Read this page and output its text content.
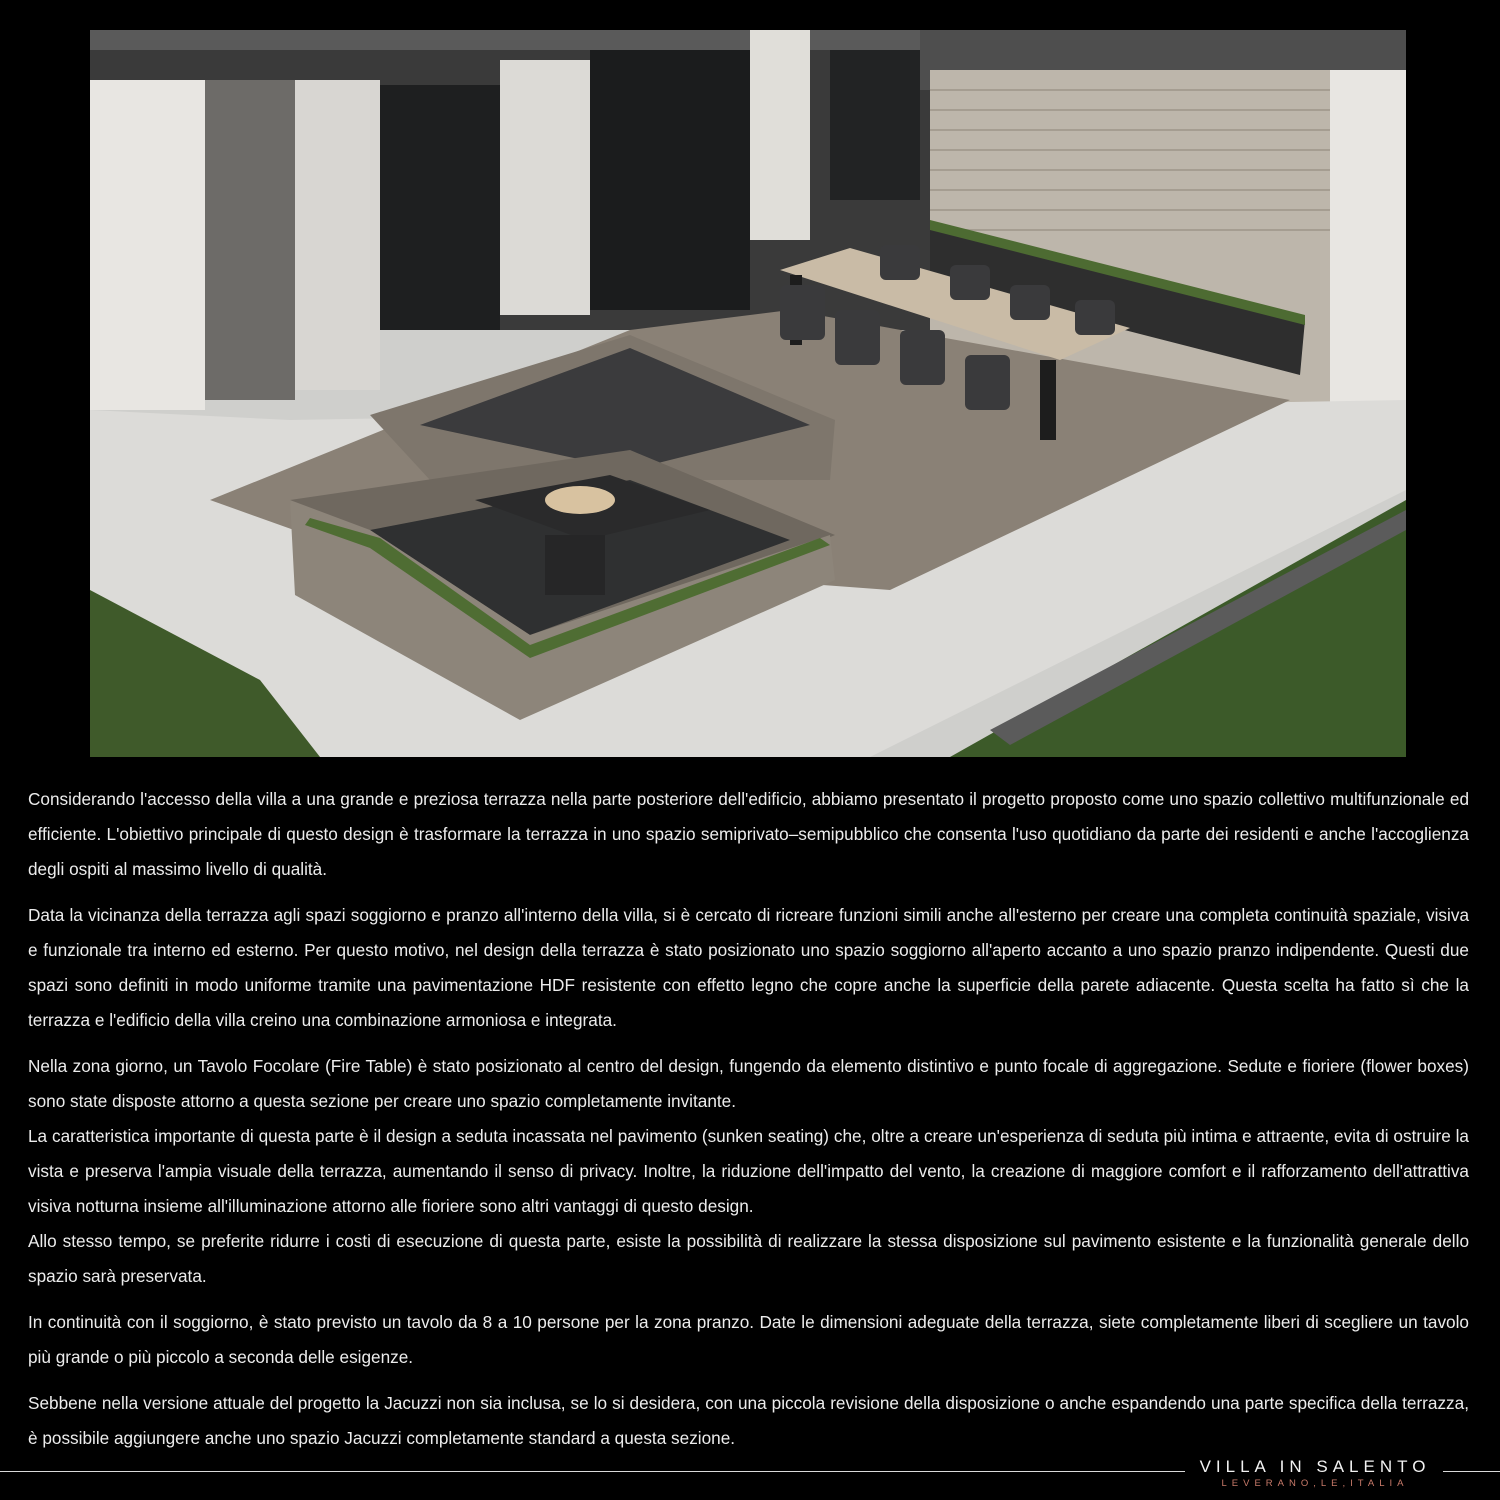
Considerando l'accesso della villa a una grande e preziosa terrazza nella parte posteriore dell'edificio, abbiamo presentato il progetto proposto come uno spazio collettivo multifunzionale ed efficiente. L'obiettivo principale di questo design è trasformare la terrazza in uno spazio semiprivato–semipubblico che consenta l'uso quotidiano da parte dei residenti e anche l'accoglienza degli ospiti al massimo livello di qualità.

Data la vicinanza della terrazza agli spazi soggiorno e pranzo all'interno della villa, si è cercato di ricreare funzioni simili anche all'esterno per creare una completa continuità spaziale, visiva e funzionale tra interno ed esterno. Per questo motivo, nel design della terrazza è stato posizionato uno spazio soggiorno all'aperto accanto a uno spazio pranzo indipendente. Questi due spazi sono definiti in modo uniforme tramite una pavimentazione HDF resistente con effetto legno che copre anche la superficie della parete adiacente. Questa scelta ha fatto sì che la terrazza e l'edificio della villa creino una combinazione armoniosa e integrata.

Nella zona giorno, un Tavolo Focolare (Fire Table) è stato posizionato al centro del design, fungendo da elemento distintivo e punto focale di aggregazione. Sedute e fioriere (flower boxes) sono state disposte attorno a questa sezione per creare uno spazio completamente invitante.

La caratteristica importante di questa parte è il design a seduta incassata nel pavimento (sunken seating) che, oltre a creare un'esperienza di seduta più intima e attraente, evita di ostruire la vista e preserva l'ampia visuale della terrazza, aumentando il senso di privacy. Inoltre, la riduzione dell'impatto del vento, la creazione di maggiore comfort e il rafforzamento dell'attrattiva visiva notturna insieme all'illuminazione attorno alle fioriere sono altri vantaggi di questo design.

Allo stesso tempo, se preferite ridurre i costi di esecuzione di questa parte, esiste la possibilità di realizzare la stessa disposizione sul pavimento esistente e la funzionalità generale dello spazio sarà preservata.

In continuità con il soggiorno, è stato previsto un tavolo da 8 a 10 persone per la zona pranzo. Date le dimensioni adeguate della terrazza, siete completamente liberi di scegliere un tavolo più grande o più piccolo a seconda delle esigenze.

Sebbene nella versione attuale del progetto la Jacuzzi non sia inclusa, se lo si desidera, con una piccola revisione della disposizione o anche espandendo una parte specifica della terrazza, è possibile aggiungere anche uno spazio Jacuzzi completamente standard a questa sezione.

VILLA IN SALENTO
LEVERANO,LE,ITALIA
